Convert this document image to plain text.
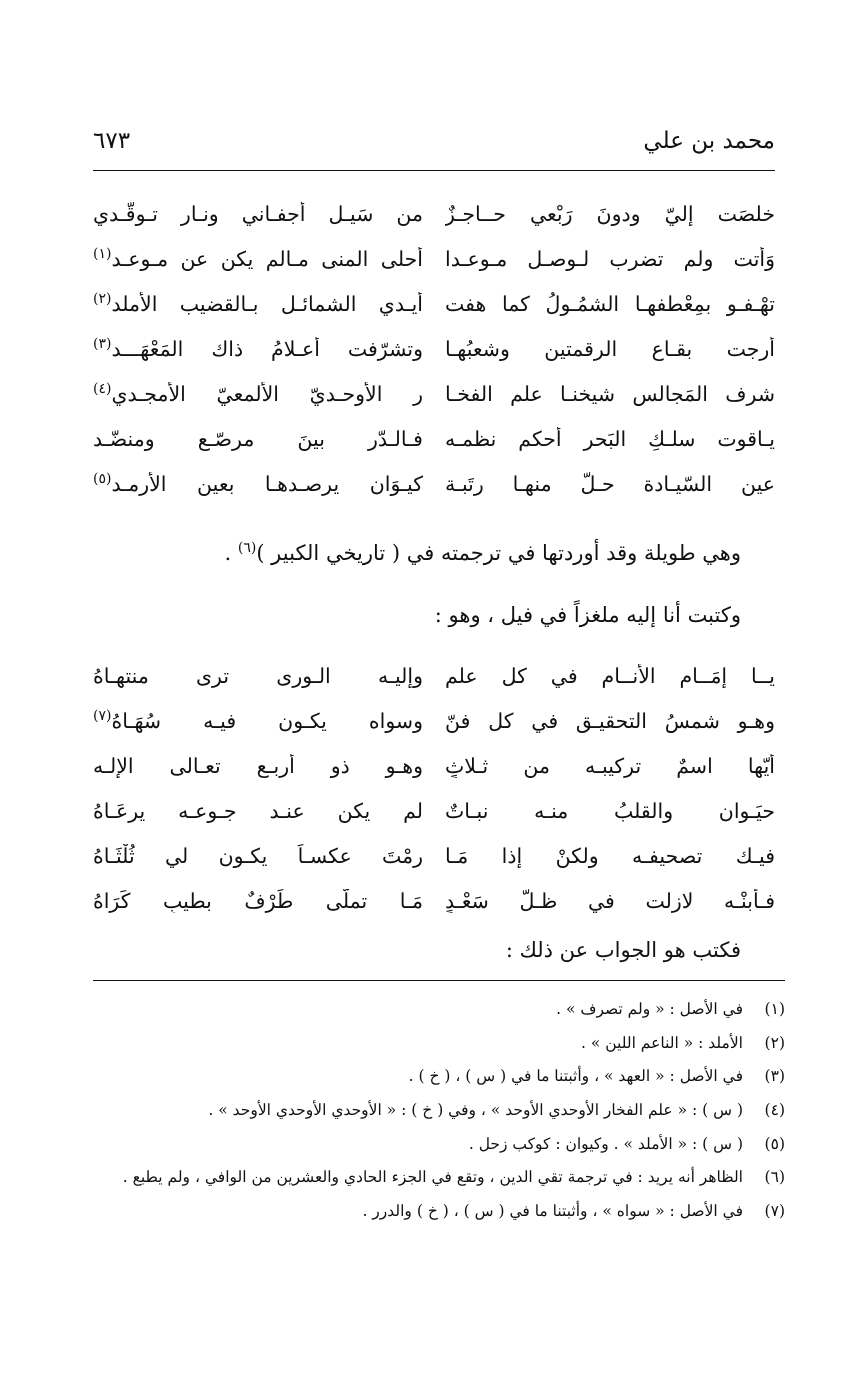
محمد بن علي
٦٧٣
خلصَت إليّ ودونَ رَبْعي حــاجـزٌ
من سَيـل أجفـاني ونـار تـوقّـدي
وَأتت ولم تضرب لـوصـل مـوعـدا
أحلى المنى مـالم يكن عن مـوعـد$^{(١)}$
تهْـفـو بمِعْطفهـا الشمُـولُ كما هفت
أيـدي الشمائـل بـالقضيب الأملد$^{(٢)}$
أرجت بقـاع الرقمتين وشعبُهـا
وتشرّفت أعـلامُ ذاك المَعْهَـــد$^{(٣)}$
شرف المَجالس شيخنـا علم الفخـا
ر الأوحـديّ الألمعيّ الأمجـدي$^{(٤)}$
يـاقوت سلـكِ البَحر أحكم نظمـه
فـالـدّر بينَ مرصّـعٍ ومنضّـد
عين السّيـادة حـلّ منهـا رتَبـة
كيـوَان يرصـدهـا بعين الأرمـد$^{(٥)}$
وهي طويلة وقد أوردتها في ترجمته في ( تاريخي الكبير )$^{(٦)}$ .
وكتبت أنا إليه ملغزاً في فيل ، وهو :
يــا إمَــام الأنــام في كل علم
وإليـه الـورى ترى منتهـاهُ
وهـو شمسُ التحقيـق في كل فنّ
وسواه يكـون فيـه سُهَـاهُ$^{(٧)}$
أيّها اسمٌ تركيبـه من ثـلاثٍ
وهـو ذو أربـع تعـالى الإلـه
حيَـوان والقلبُ منـه نبـاتٌ
لم يكن عنـد جـوعـه يرعَـاهُ
فيـك تصحيفـه ولكنْ إذا مَـا
رمْتَ عكسـاً يكـون لي ثُلْثَـاهُ
فـأبنْـه لازلت في ظـلّ سَعْـدٍ
مَـا تملّى طَرْفٌ بطيبِ كَرَاهُ
فكتب هو الجواب عن ذلك :
(١)
في الأصل : « ولم تصرف » .
(٢)
الأملد : « الناعم اللين » .
(٣)
في الأصل : « العهد » ، وأثبتنا ما في ( س ) ، ( خ ) .
(٤)
( س ) : « علم الفخار الأوحدي الأوحد » ، وفي ( خ ) : « الأوحدي الأوحدي الأوحد » .
(٥)
( س ) : « الأملد » . وكيوان : كوكب زحل .
(٦)
الظاهر أنه يريد : في ترجمة تقي الدين ، وتقع في الجزء الحادي والعشرين من الوافي ، ولم يطبع .
(٧)
في الأصل : « سواه » ، وأثبتنا ما في ( س ) ، ( خ ) والدرر .
